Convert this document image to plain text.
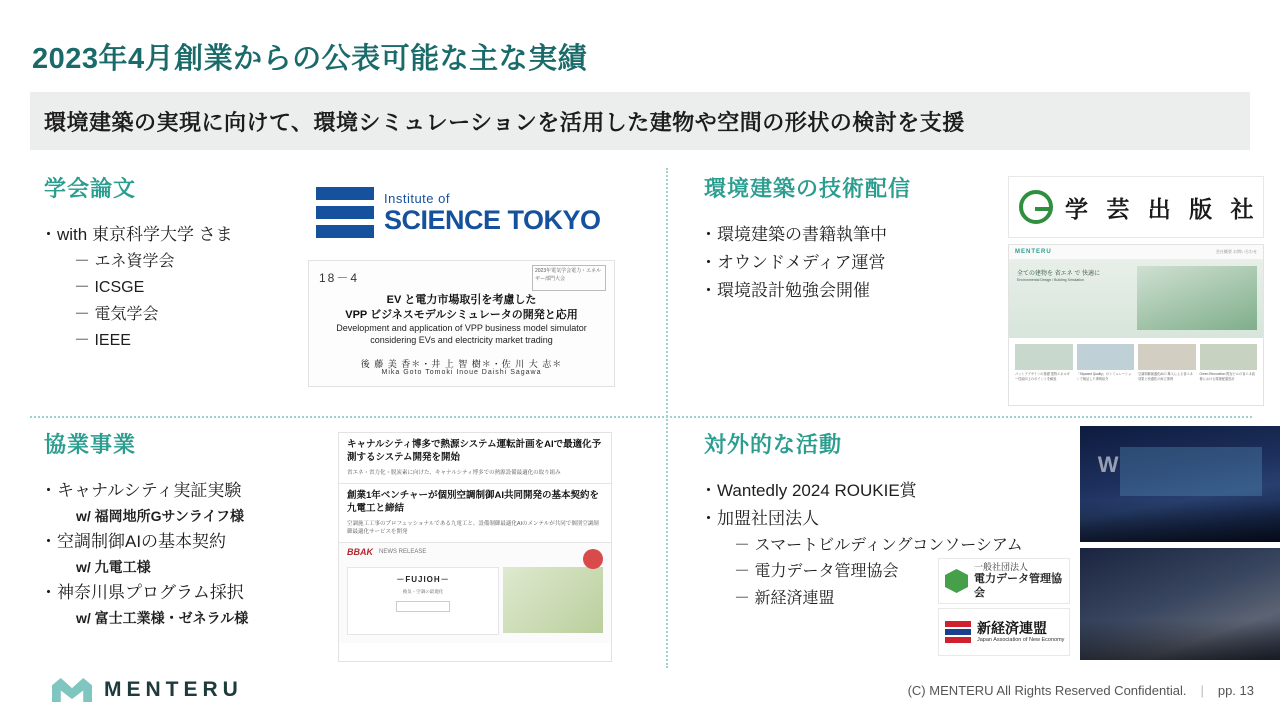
2023年4月創業からの公表可能な主な実績
環境建築の実現に向けて、環境シミュレーションを活用した建物や空間の形状の検討を支援
学会論文
・with 東京科学大学 さま
－ エネ資学会
－ ICSGE
－ 電気学会
－ IEEE
Institute of
SCIENCE TOKYO
18－4	2023年電気学会電力・エネルギー部門大会
EV と電力市場取引を考慮した
VPP ビジネスモデルシミュレータの開発と応用
Development and application of VPP business model simulator
considering EVs and electricity market trading
後 藤 美 香＊・井 上 智 樹＊・佐 川 大 志＊
Mika Goto Tomoki Inoue Daishi Sagawa
環境建築の技術配信
・環境建築の書籍執筆中
・オウンドメディア運営
・環境設計勉強会開催
学 芸 出 版 社
MENTERU	会社概要 お問い合わせ
全ての建物を 省エネ で 快適に
Environmental Design / Building Simulation
パッシブデザインの基礎 建物エネルギー性能向上のポイントを解説
「Skyward Quality」のシミュレーションで検証した事例紹介
空調制御最適化AIの 導入による省エネ効果と快適性の両立事例
Green Renovation 既存ビルの省エネ改修における環境配慮設計
協業事業
・キャナルシティ実証実験
w/ 福岡地所Gサンライフ様
・空調制御AIの基本契約
w/ 九電工様
・神奈川県プログラム採択
w/ 富士工業様・ゼネラル様
キャナルシティ博多で熱源システム運転計画をAIで最適化予測するシステム開発を開始
省エネ・省力化・脱炭素に向けた、キャナルシティ博多での熱源設備最適化の取り組み
創業1年ベンチャーが個別空調制御AI共同開発の基本契約を九電工と締結
空調施工工事のプロフェッショナルである九電工と、設備制御最適化AIのメンテルが共同で個別空調制御最適化サービスを開発
BBAK NEWS RELEASE
－FUJIOH－
換気・空調の最適化
対外的な活動
・Wantedly 2024 ROUKIE賞
・加盟社団法人
－ スマートビルディングコンソーシアム
－ 電力データ管理協会
－ 新経済連盟
W
一般社団法人
電力データ管理協会
新経済連盟
Japan Association of New Economy
MENTERU	(C) MENTERU All Rights Reserved Confidential. | pp. 13
